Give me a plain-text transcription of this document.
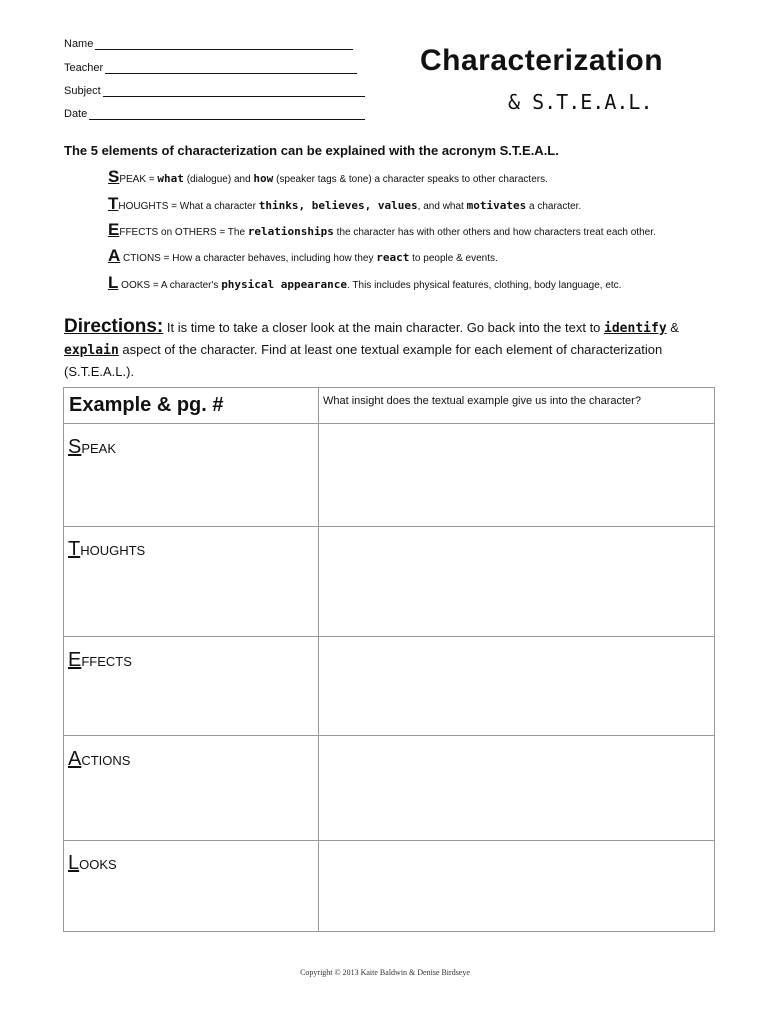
Name
Teacher
Subject
Date
Characterization
& S.T.E.A.L.
The 5 elements of characterization can be explained with the acronym S.T.E.A.L.
SPEAK = what (dialogue) and how (speaker tags & tone) a character speaks to other characters.
THOUGHTS = What a character thinks, believes, values, and what motivates a character.
EFFECTS on OTHERS = The relationships the character has with other others and how characters treat each other.
A CTIONS = How a character behaves, including how they react to people & events.
L OOKS = A character's physical appearance. This includes physical features, clothing, body language, etc.
Directions: It is time to take a closer look at the main character. Go back into the text to identify & explain aspect of the character. Find at least one textual example for each element of characterization (S.T.E.A.L.).
Example & pg. #	What insight does the textual example give us into the character?
SPEAK
THOUGHTS
EFFECTS
ACTIONS
LOOKS
Copyright © 2013 Kaite Baldwin & Denise Birdseye
